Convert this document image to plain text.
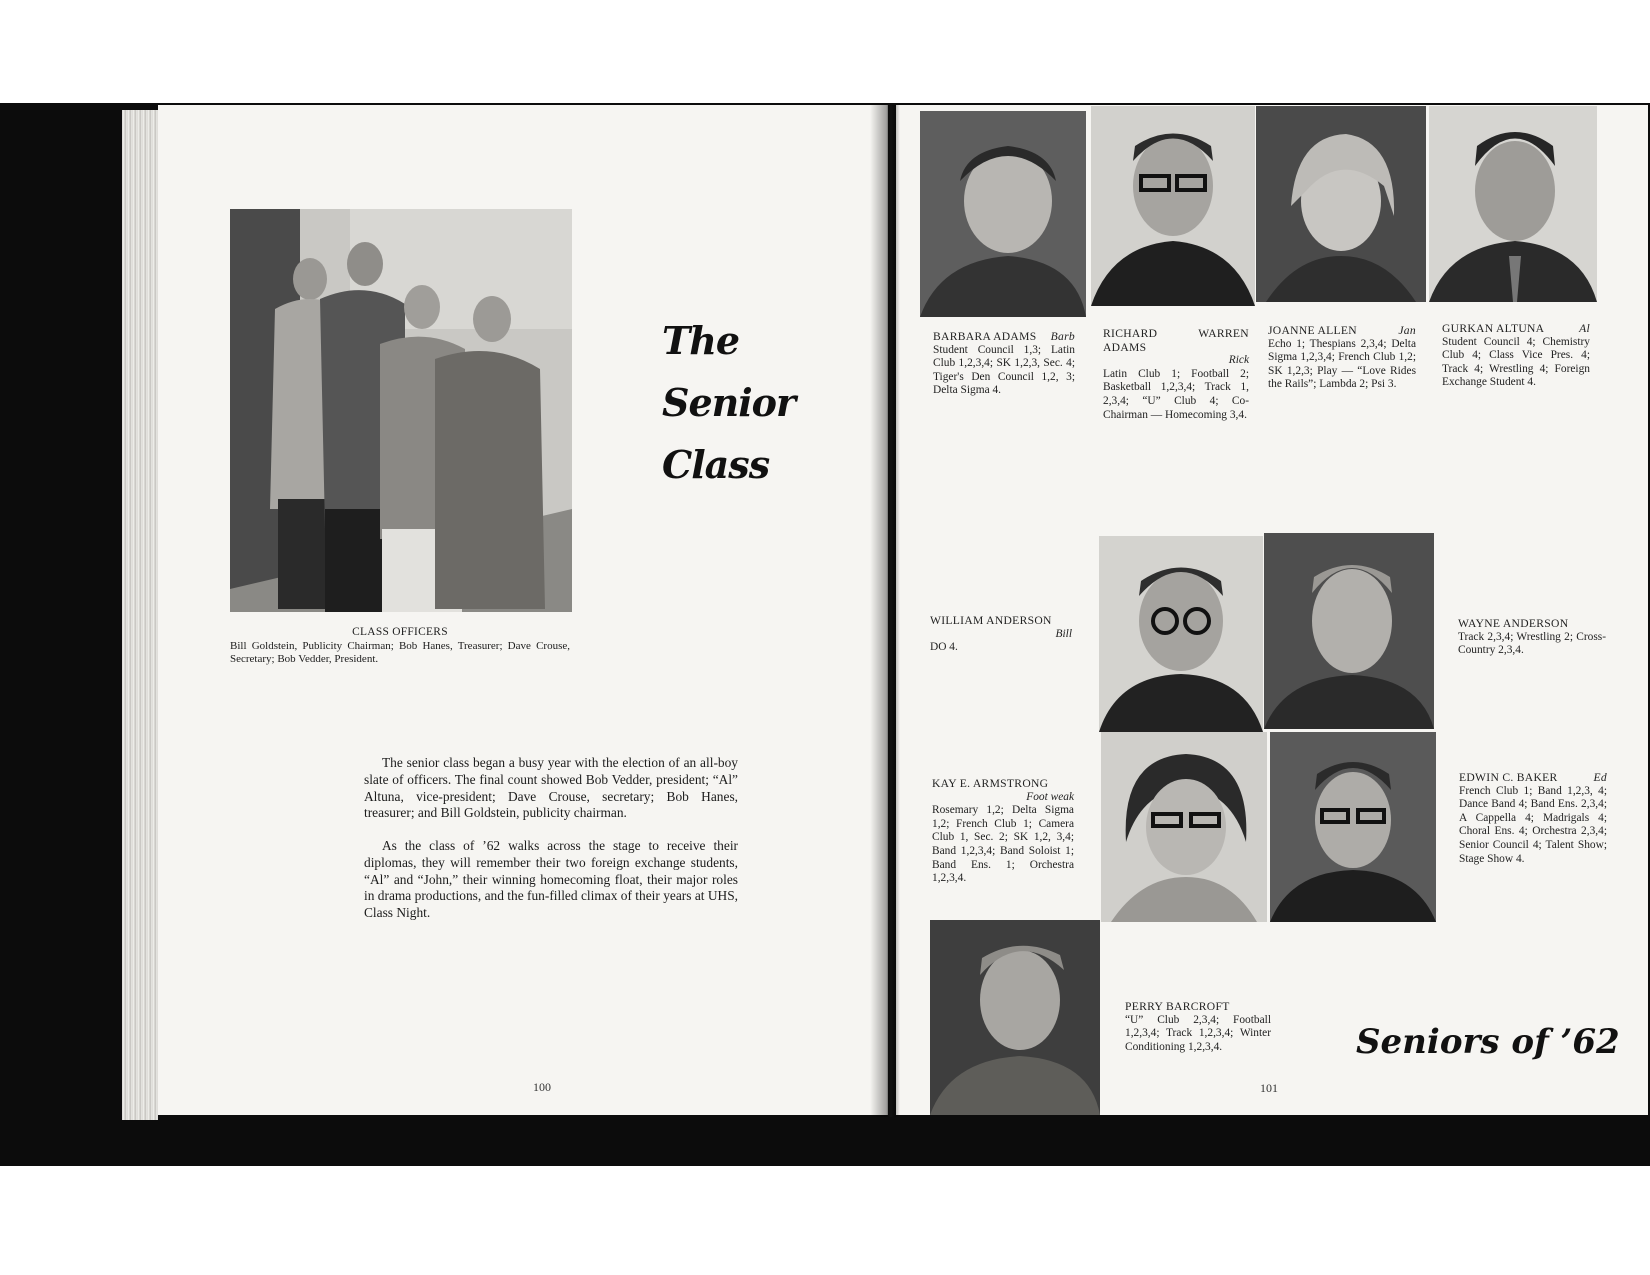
CLASS OFFICERS
Bill Goldstein, Publicity Chairman; Bob Hanes, Treasurer; Dave Crouse, Secretary; Bob Vedder, President.
The
Senior
Class
The senior class began a busy year with the election of an all-boy slate of officers. The final count showed Bob Vedder, president; “Al” Altuna, vice-president; Dave Crouse, secretary; Bob Hanes, treasurer; and Bill Goldstein, publicity chairman.
As the class of ’62 walks across the stage to receive their diplomas, they will remember their two foreign exchange students, “Al” and “John,” their winning homecoming float, their major roles in drama productions, and the fun-filled climax of their years at UHS, Class Night.
100
BARBARA ADAMS Barb
Student Council 1,3; Latin Club 1,2,3,4; SK 1,2,3, Sec. 4; Tiger's Den Council 1,2, 3; Delta Sigma 4.
RICHARD WARREN ADAMS
Rick
Latin Club 1; Football 2; Basketball 1,2,3,4; Track 1, 2,3,4; “U” Club 4; Co-Chairman — Homecoming 3,4.
JOANNE ALLEN	Jan
Echo 1; Thespians 2,3,4; Delta Sigma 1,2,3,4; French Club 1,2; SK 1,2,3; Play — “Love Rides the Rails”; Lambda 2; Psi 3.
GURKAN ALTUNA	Al
Student Council 4; Chemistry Club 4; Class Vice Pres. 4; Track 4; Wrestling 4; Foreign Exchange Student 4.
WILLIAM ANDERSON
Bill
DO 4.
WAYNE ANDERSON
Track 2,3,4; Wrestling 2; Cross-Country 2,3,4.
KAY E. ARMSTRONG
Foot weak
Rosemary 1,2; Delta Sigma 1,2; French Club 1; Camera Club 1, Sec. 2; SK 1,2, 3,4; Band 1,2,3,4; Band Soloist 1; Band Ens. 1; Orchestra 1,2,3,4.
EDWIN C. BAKER	Ed
French Club 1; Band 1,2,3, 4; Dance Band 4; Band Ens. 2,3,4; A Cappella 4; Madrigals 4; Choral Ens. 4; Orchestra 2,3,4; Senior Council 4; Talent Show; Stage Show 4.
PERRY BARCROFT
“U” Club 2,3,4; Football 1,2,3,4; Track 1,2,3,4; Winter Conditioning 1,2,3,4.	Seniors of ’62
101
